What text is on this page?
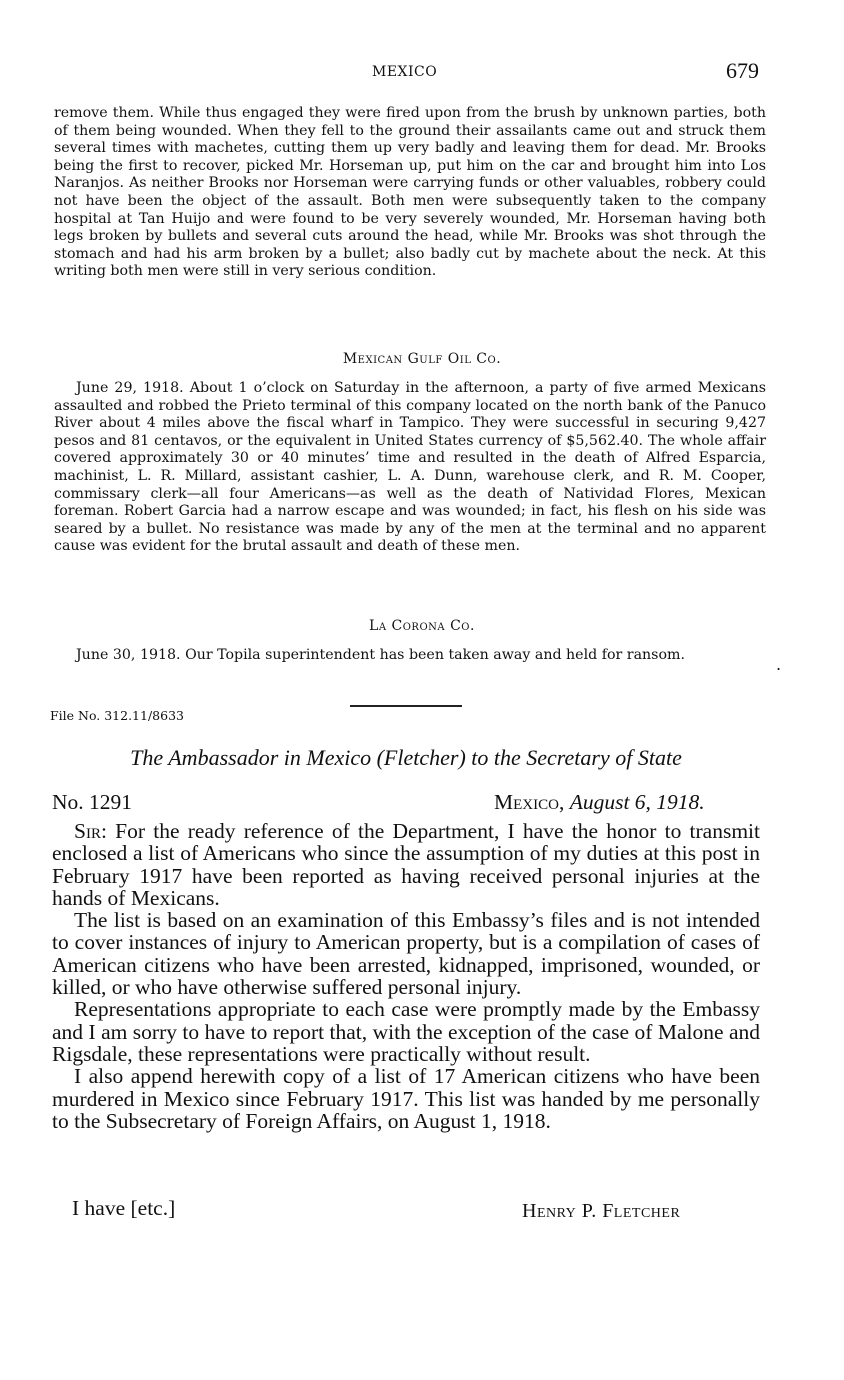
MEXICO	679

remove them. While thus engaged they were fired upon from the brush by unknown parties, both of them being wounded. When they fell to the ground their assailants came out and struck them several times with machetes, cutting them up very badly and leaving them for dead. Mr. Brooks being the first to recover, picked Mr. Horseman up, put him on the car and brought him into Los Naranjos. As neither Brooks nor Horseman were carrying funds or other valuables, robbery could not have been the object of the assault. Both men were subsequently taken to the company hospital at Tan Huijo and were found to be very severely wounded, Mr. Horseman having both legs broken by bullets and several cuts around the head, while Mr. Brooks was shot through the stomach and had his arm broken by a bullet; also badly cut by machete about the neck. At this writing both men were still in very serious condition.

Mexican Gulf Oil Co.

June 29, 1918. About 1 o’clock on Saturday in the afternoon, a party of five armed Mexicans assaulted and robbed the Prieto terminal of this company located on the north bank of the Panuco River about 4 miles above the fiscal wharf in Tampico. They were successful in securing 9,427 pesos and 81 centavos, or the equivalent in United States currency of $5,562.40. The whole affair covered approximately 30 or 40 minutes’ time and resulted in the death of Alfred Esparcia, machinist, L. R. Millard, assistant cashier, L. A. Dunn, warehouse clerk, and R. M. Cooper, commissary clerk—all four Americans—as well as the death of Natividad Flores, Mexican foreman. Robert Garcia had a narrow escape and was wounded; in fact, his flesh on his side was seared by a bullet. No resistance was made by any of the men at the terminal and no apparent cause was evident for the brutal assault and death of these men.

La Corona Co.

June 30, 1918. Our Topila superintendent has been taken away and held for ransom.	.
File No. 312.11/8633
The Ambassador in Mexico (Fletcher) to the Secretary of State
No. 1291	Mexico, August 6, 1918.

Sir: For the ready reference of the Department, I have the honor to transmit enclosed a list of Americans who since the assumption of my duties at this post in February 1917 have been reported as having received personal injuries at the hands of Mexicans.

The list is based on an examination of this Embassy’s files and is not intended to cover instances of injury to American property, but is a compilation of cases of American citizens who have been arrested, kidnapped, imprisoned, wounded, or killed, or who have otherwise suffered personal injury.

Representations appropriate to each case were promptly made by the Embassy and I am sorry to have to report that, with the exception of the case of Malone and Rigsdale, these representations were practically without result.

I also append herewith copy of a list of 17 American citizens who have been murdered in Mexico since February 1917. This list was handed by me personally to the Subsecretary of Foreign Affairs, on August 1, 1918.

I have [etc.]	Henry P. Fletcher
